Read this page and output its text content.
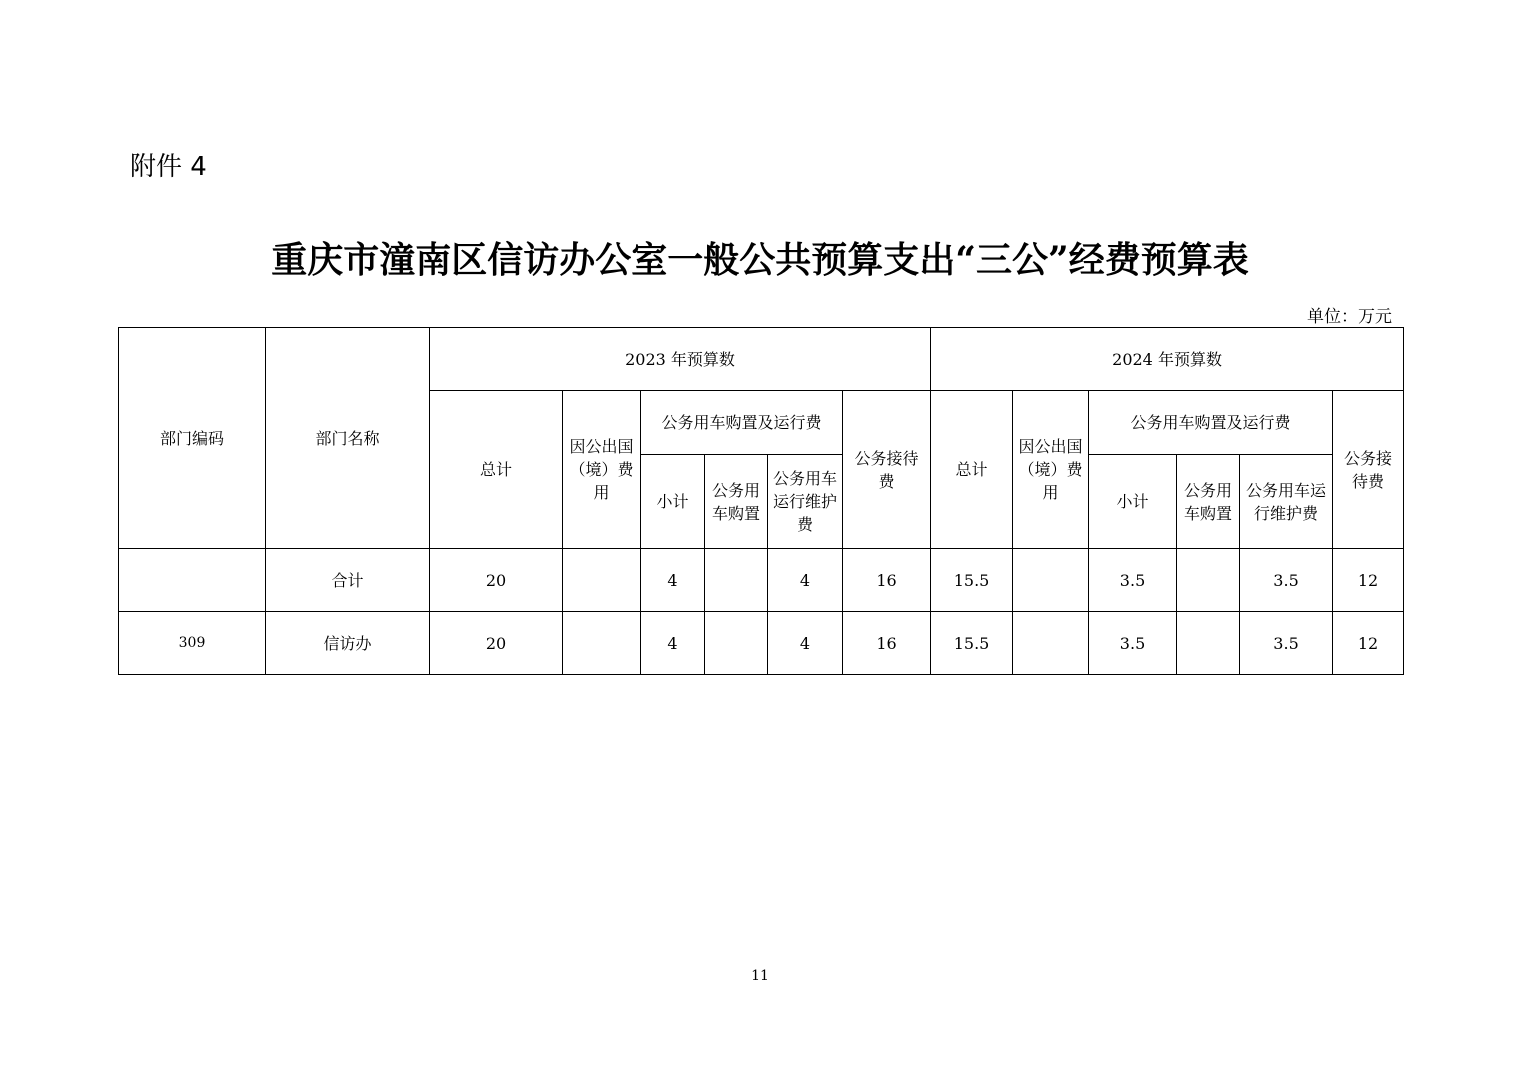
附件 4
重庆市潼南区信访办公室一般公共预算支出“三公”经费预算表
单位：万元
部门编码	部门名称	2023 年预算数						2024 年预算数					
		总计	因公出国（境）费用	公务用车购置及运行费			公务接待费	总计	因公出国（境）费用	公务用车购置及运行费			公务接待费
				小计	公务用车购置	公务用车运行维护费				小计	公务用车购置	公务用车运行维护费	
	合计	20		4		4	16	15.5		3.5		3.5	12
309	信访办	20		4		4	16	15.5		3.5		3.5	12
11
